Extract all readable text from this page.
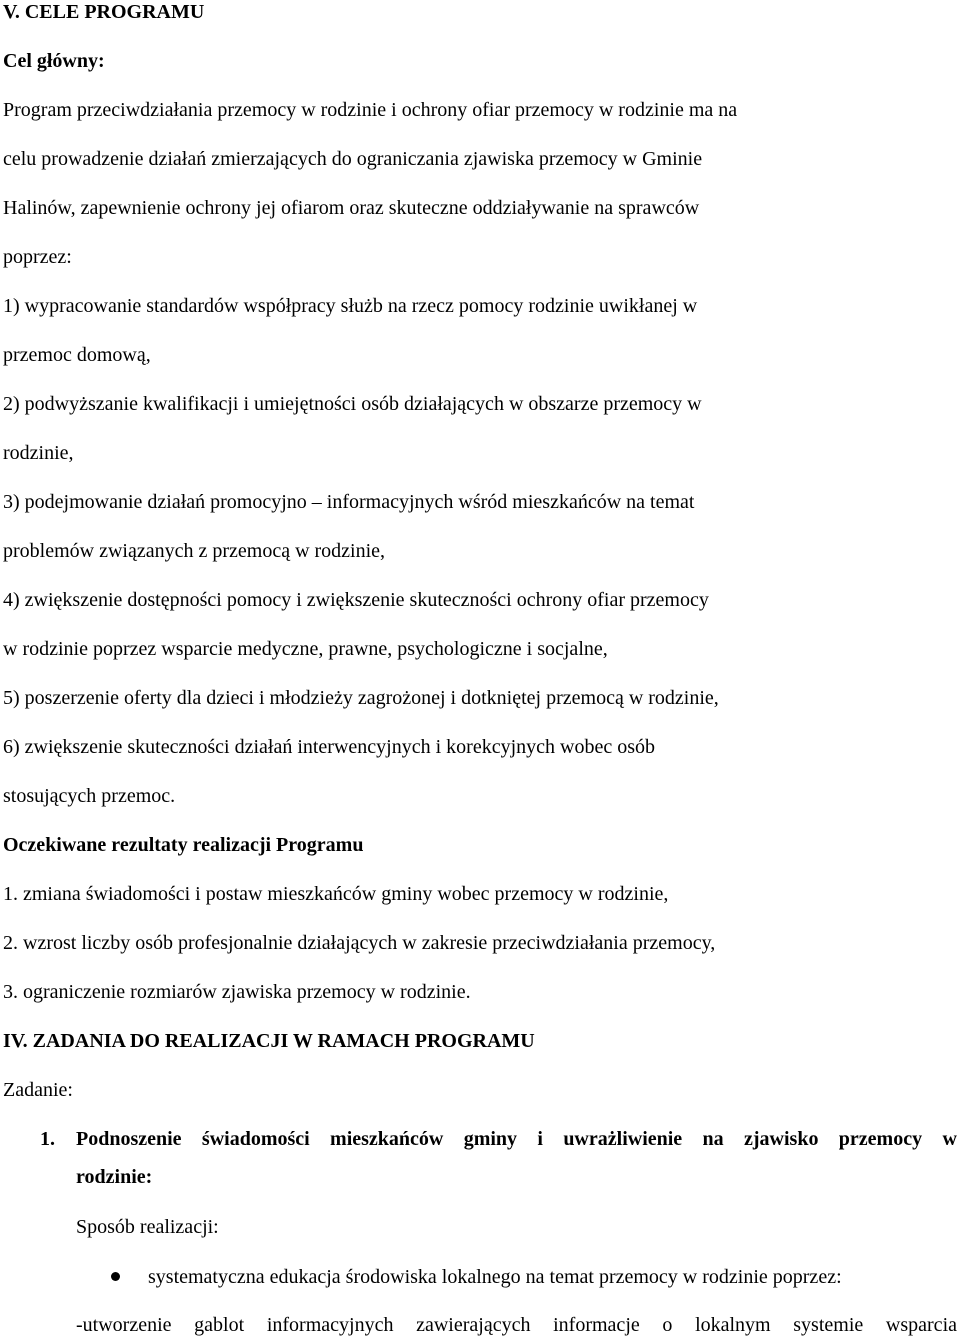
V. CELE PROGRAMU
Cel główny:
Program przeciwdziałania przemocy w rodzinie i ochrony ofiar przemocy w rodzinie ma na
celu prowadzenie działań zmierzających do ograniczania zjawiska przemocy w Gminie
Halinów, zapewnienie ochrony jej ofiarom oraz skuteczne oddziaływanie na sprawców
poprzez:
1) wypracowanie standardów współpracy służb na rzecz pomocy rodzinie uwikłanej w
przemoc domową,
2) podwyższanie kwalifikacji i umiejętności osób działających w obszarze przemocy w
rodzinie,
3) podejmowanie działań promocyjno – informacyjnych wśród mieszkańców na temat
problemów związanych z przemocą w rodzinie,
4) zwiększenie dostępności pomocy i zwiększenie skuteczności ochrony ofiar przemocy
w rodzinie poprzez wsparcie medyczne, prawne, psychologiczne i socjalne,
5) poszerzenie oferty dla dzieci i młodzieży zagrożonej i dotkniętej przemocą w rodzinie,
6) zwiększenie skuteczności działań interwencyjnych i korekcyjnych wobec osób
stosujących przemoc.
Oczekiwane rezultaty realizacji Programu
1. zmiana świadomości i postaw mieszkańców gminy wobec przemocy w rodzinie,
2. wzrost liczby osób profesjonalnie działających w zakresie przeciwdziałania przemocy,
3. ograniczenie rozmiarów zjawiska przemocy w rodzinie.
IV. ZADANIA DO REALIZACJI W RAMACH PROGRAMU
Zadanie:
1. Podnoszenie świadomości mieszkańców gminy i uwrażliwienie na zjawisko przemocy w
rodzinie:
Sposób realizacji:
systematyczna edukacja środowiska lokalnego na temat przemocy w rodzinie poprzez:
-utworzenie gablot informacyjnych zawierających informacje o lokalnym systemie wsparcia
